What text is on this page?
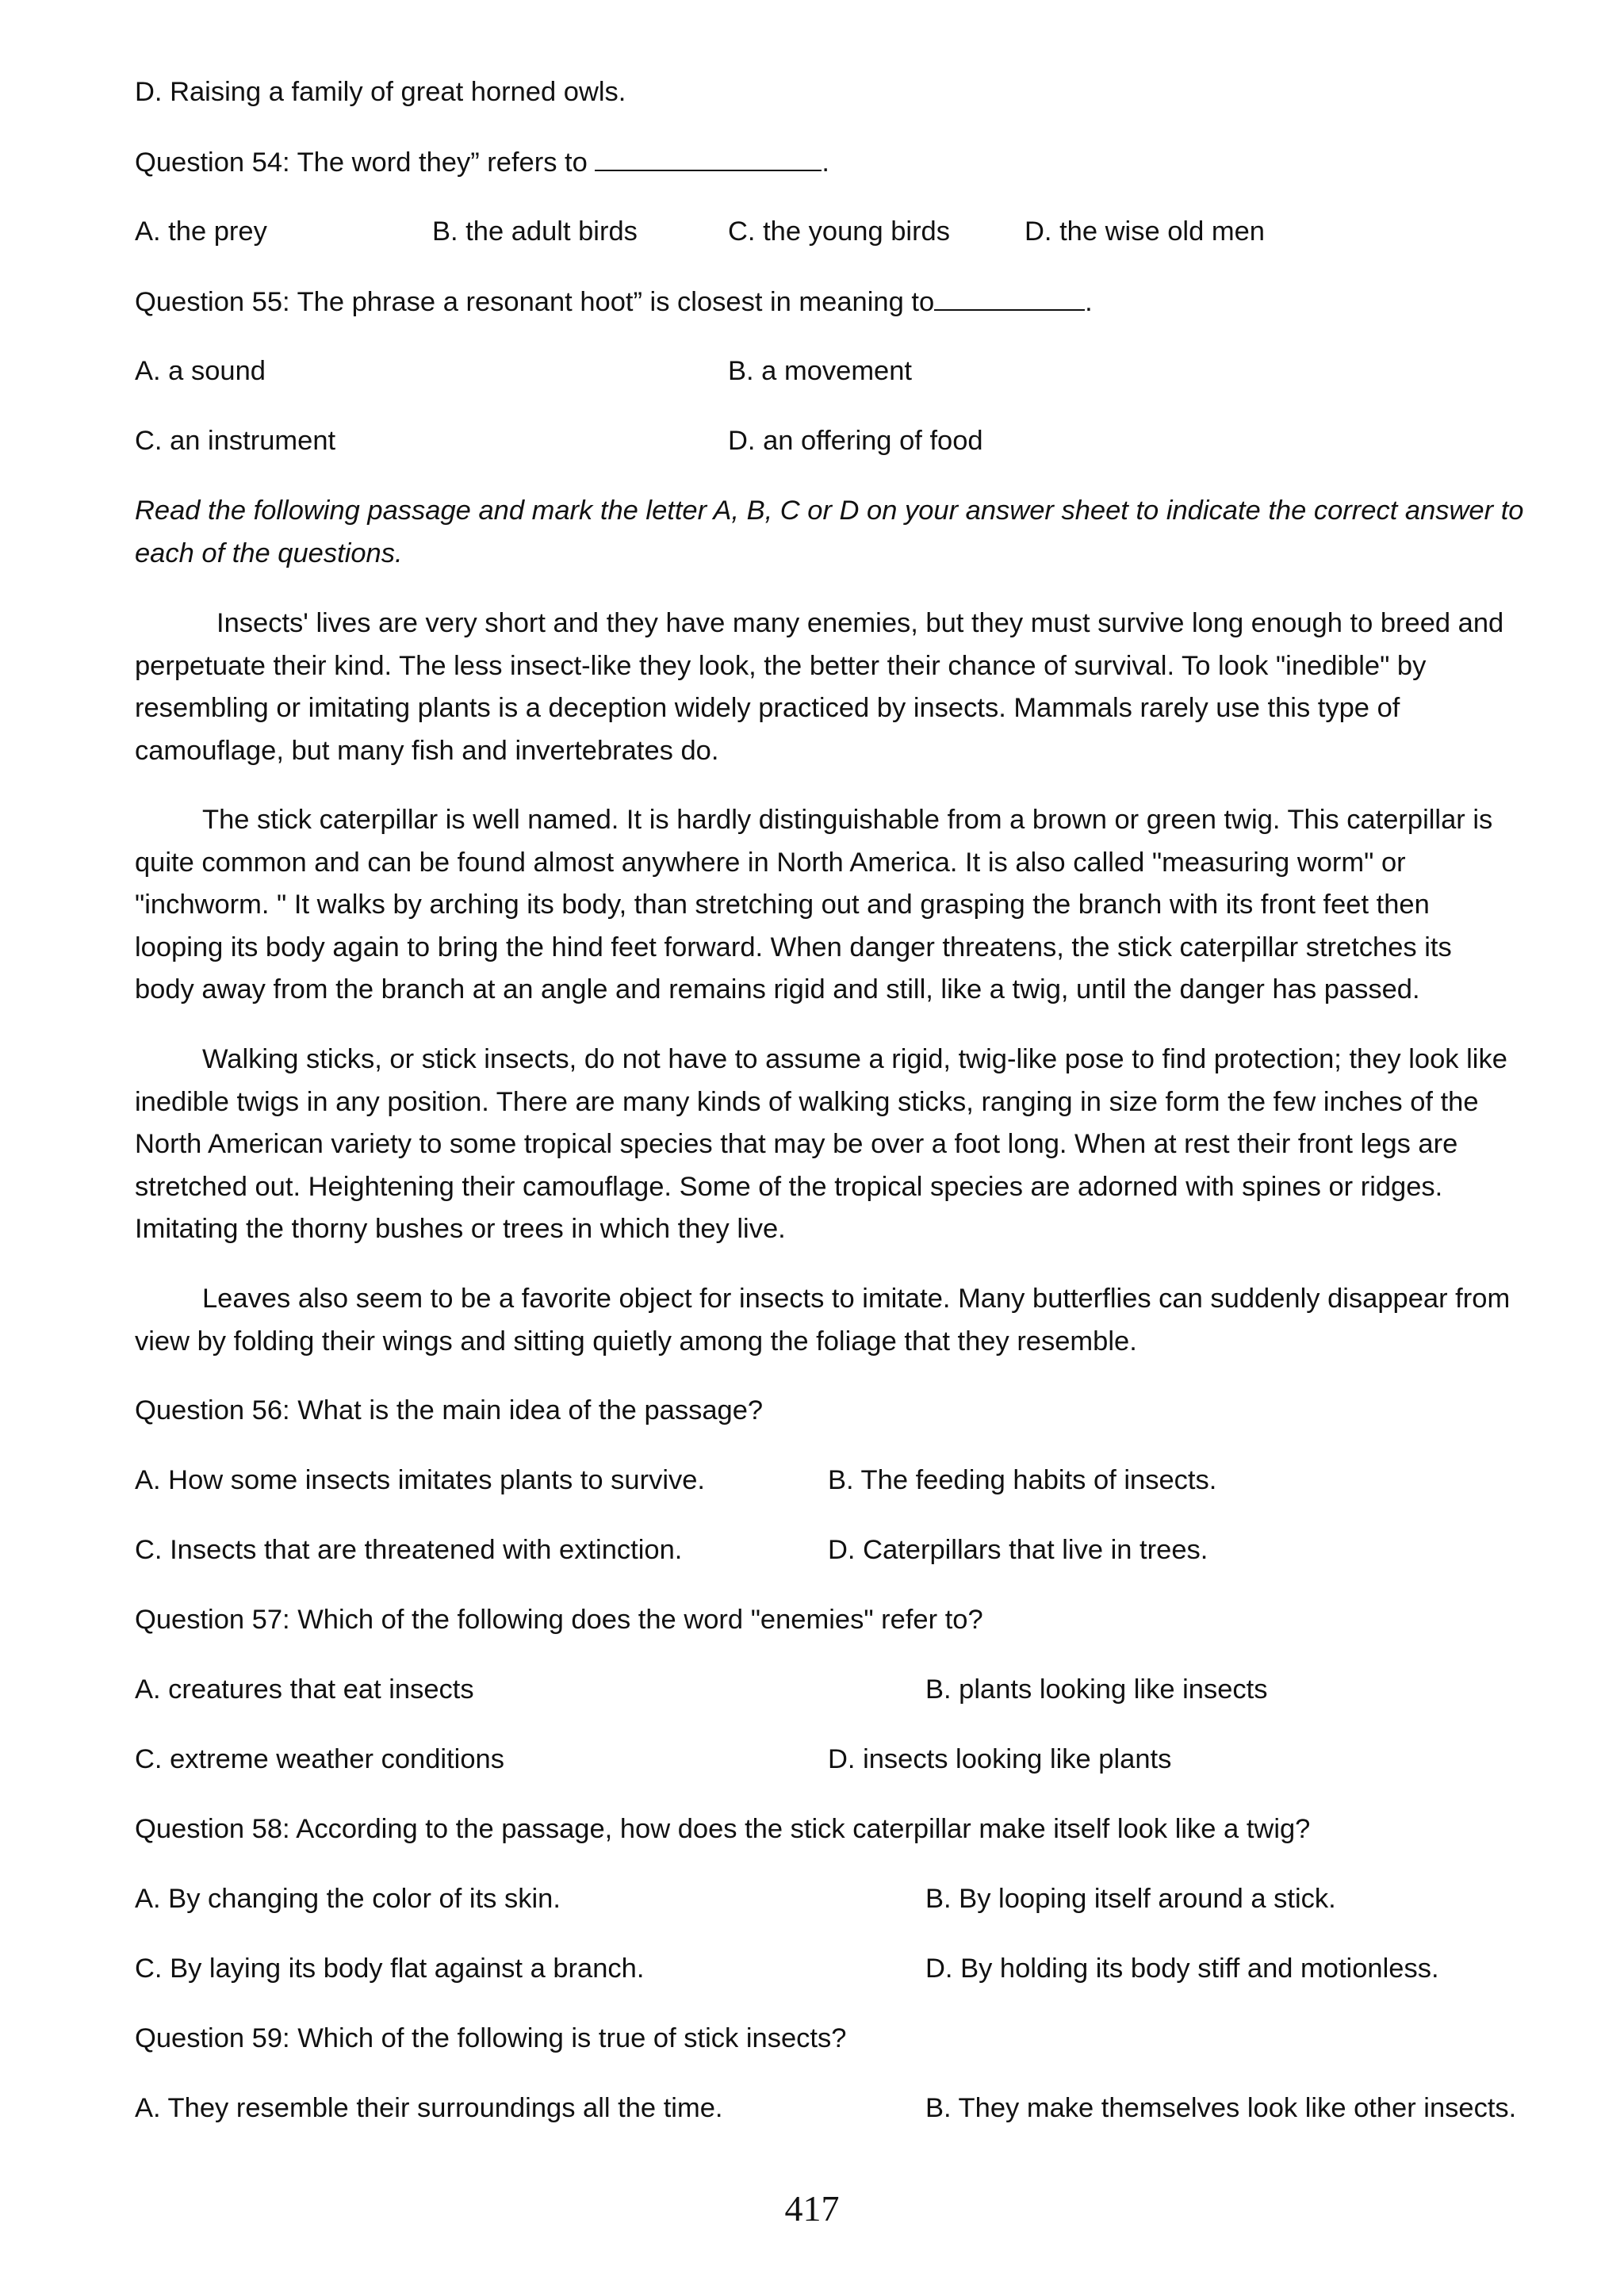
D. Raising a family of great horned owls.
Question 54: The word they” refers to	.
A. the prey	B. the adult birds	C. the young birds	D. the wise old men
Question 55: The phrase a resonant hoot” is closest in meaning to	.
A. a sound	B. a movement
C. an instrument	D. an offering of food
Read the following passage and mark the letter A, B, C or D on your answer sheet to indicate the correct answer to
each of the questions.
Insects' lives are very short and they have many enemies, but they must survive long enough to breed and
perpetuate their kind. The less insect-like they look, the better their chance of survival. To look "inedible" by
resembling or imitating plants is a deception widely practiced by insects. Mammals rarely use this type of
camouflage, but many fish and invertebrates do.
The stick caterpillar is well named. It is hardly distinguishable from a brown or green twig. This caterpillar is
quite common and can be found almost anywhere in North America. It is also called "measuring worm" or
"inchworm. " It walks by arching its body, than stretching out and grasping the branch with its front feet then
looping its body again to bring the hind feet forward. When danger threatens, the stick caterpillar stretches its
body away from the branch at an angle and remains rigid and still, like a twig, until the danger has passed.
Walking sticks, or stick insects, do not have to assume a rigid, twig-like pose to find protection; they look like
inedible twigs in any position. There are many kinds of walking sticks, ranging in size form the few inches of the
North American variety to some tropical species that may be over a foot long. When at rest their front legs are
stretched out. Heightening their camouflage. Some of the tropical species are adorned with spines or ridges.
Imitating the thorny bushes or trees in which they live.
Leaves also seem to be a favorite object for insects to imitate. Many butterflies can suddenly disappear from
view by folding their wings and sitting quietly among the foliage that they resemble.
Question 56: What is the main idea of the passage?
A. How some insects imitates plants to survive.	B. The feeding habits of insects.
C. Insects that are threatened with extinction.	D. Caterpillars that live in trees.
Question 57: Which of the following does the word "enemies" refer to?
A. creatures that eat insects	B. plants looking like insects
C. extreme weather conditions	D. insects looking like plants
Question 58: According to the passage, how does the stick caterpillar make itself look like a twig?
A. By changing the color of its skin.	B. By looping itself around a stick.
C. By laying its body flat against a branch.	D. By holding its body stiff and motionless.
Question 59: Which of the following is true of stick insects?
A. They resemble their surroundings all the time.	B. They make themselves look like other insects.
417
